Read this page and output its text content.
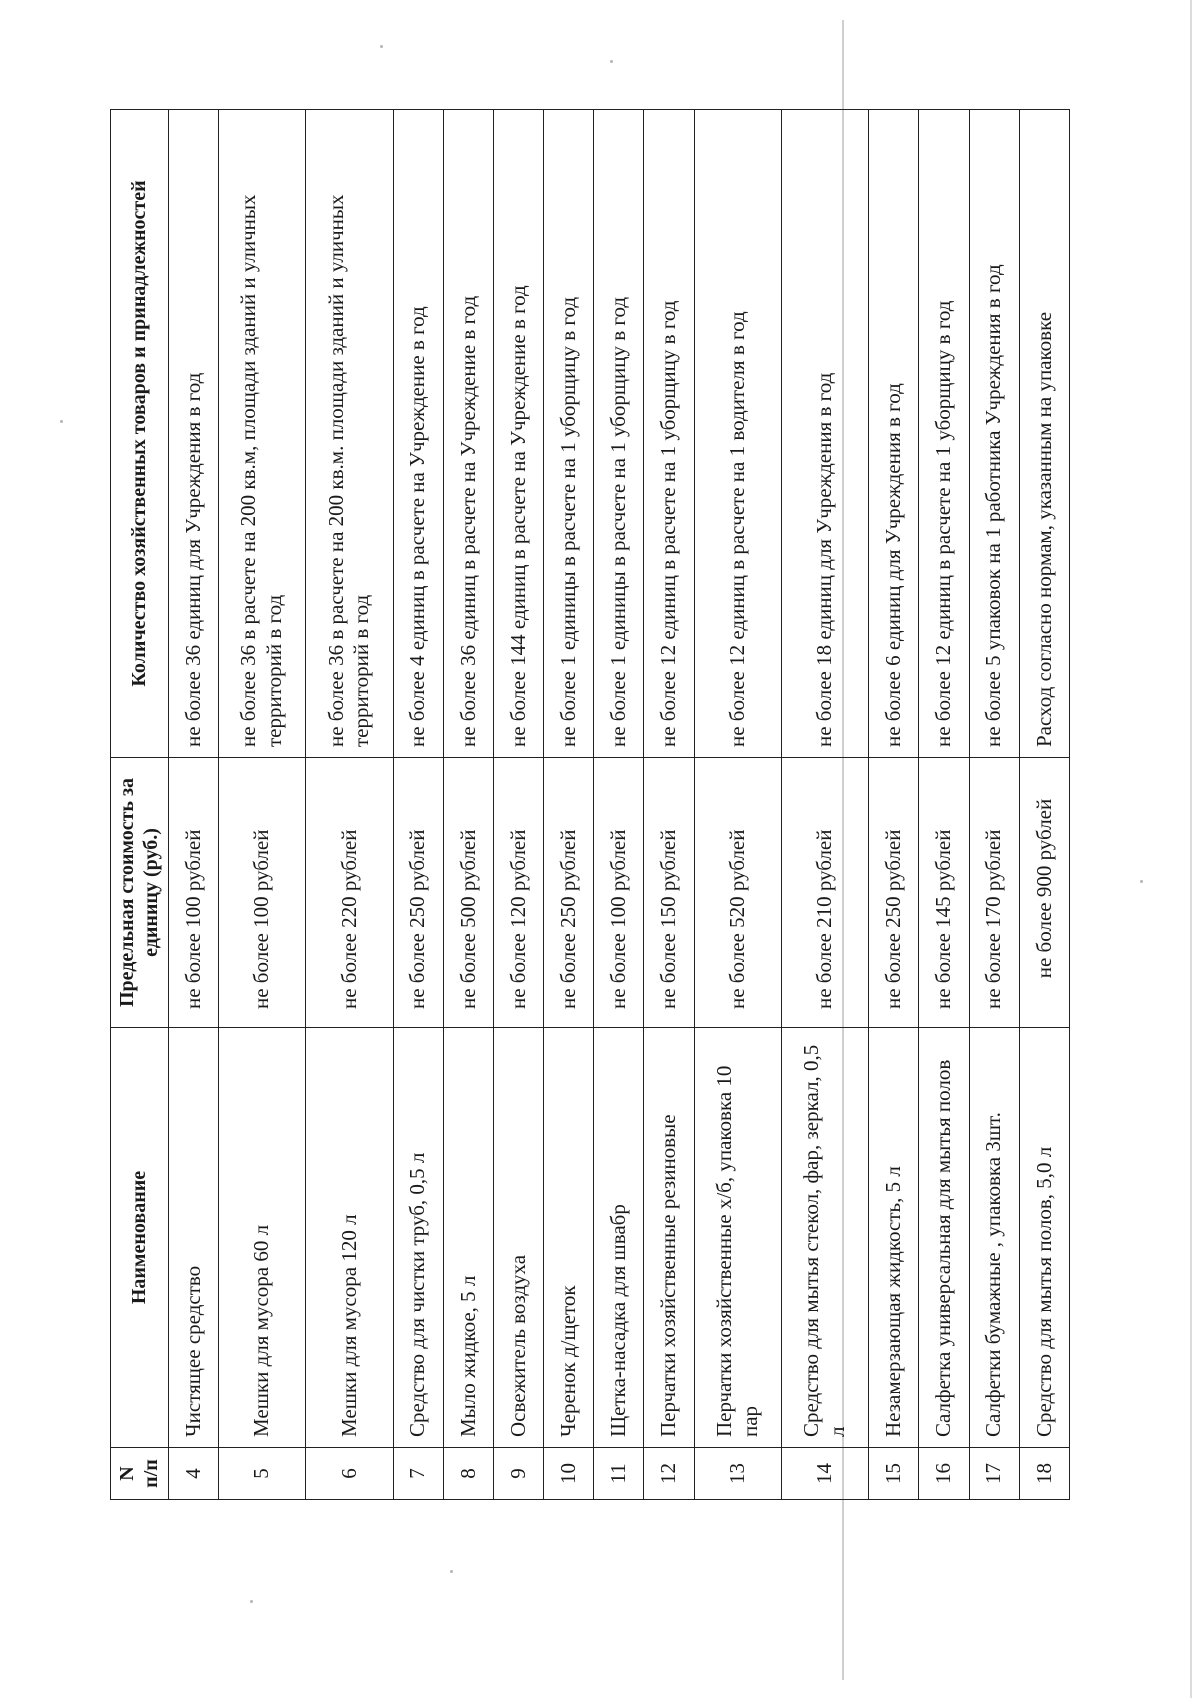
N п/п	Наименование	Предельная стоимость за единицу (руб.)	Количество хозяйственных товаров и принадлежностей
4	Чистящее средство	не более 100 рублей	не более 36 единиц для Учреждения в год
5	Мешки для мусора 60 л	не более 100 рублей	не более 36 в расчете на 200 кв.м, площади зданий и уличных территорий в год
6	Мешки для мусора 120 л	не более 220 рублей	не более 36 в расчете на 200 кв.м. площади зданий и уличных территорий в год
7	Средство для чистки труб, 0,5 л	не более 250 рублей	не более 4 единиц в расчете на Учреждение в год
8	Мыло жидкое, 5 л	не более 500 рублей	не более 36 единиц в расчете на Учреждение в год
9	Освежитель воздуха	не более 120 рублей	не более 144 единиц в расчете на Учреждение в год
10	Черенок д/щеток	не более 250 рублей	не более 1 единицы в расчете на 1 уборщицу в год
11	Щетка-насадка для швабр	не более 100 рублей	не более 1 единицы в расчете на 1 уборщицу в год
12	Перчатки хозяйственные резиновые	не более 150 рублей	не более 12 единиц в расчете на 1 уборщицу в год
13	Перчатки хозяйственные х/б, упаковка 10 пар	не более 520 рублей	не более 12 единиц в расчете на 1 водителя в год
14	Средство для мытья стекол, фар, зеркал, 0,5 л	не более 210 рублей	не более 18 единиц для Учреждения в год
15	Незамерзающая жидкость, 5 л	не более 250 рублей	не более 6 единиц для Учреждения в год
16	Салфетка универсальная для мытья полов	не более 145 рублей	не более 12 единиц в расчете на 1 уборщицу в год
17	Салфетки бумажные , упаковка 3шт.	не более 170 рублей	не более 5 упаковок на 1 работника Учреждения в год
18	Средство для мытья полов, 5,0 л	не более 900 рублей	Расход согласно нормам, указанным на упаковке
